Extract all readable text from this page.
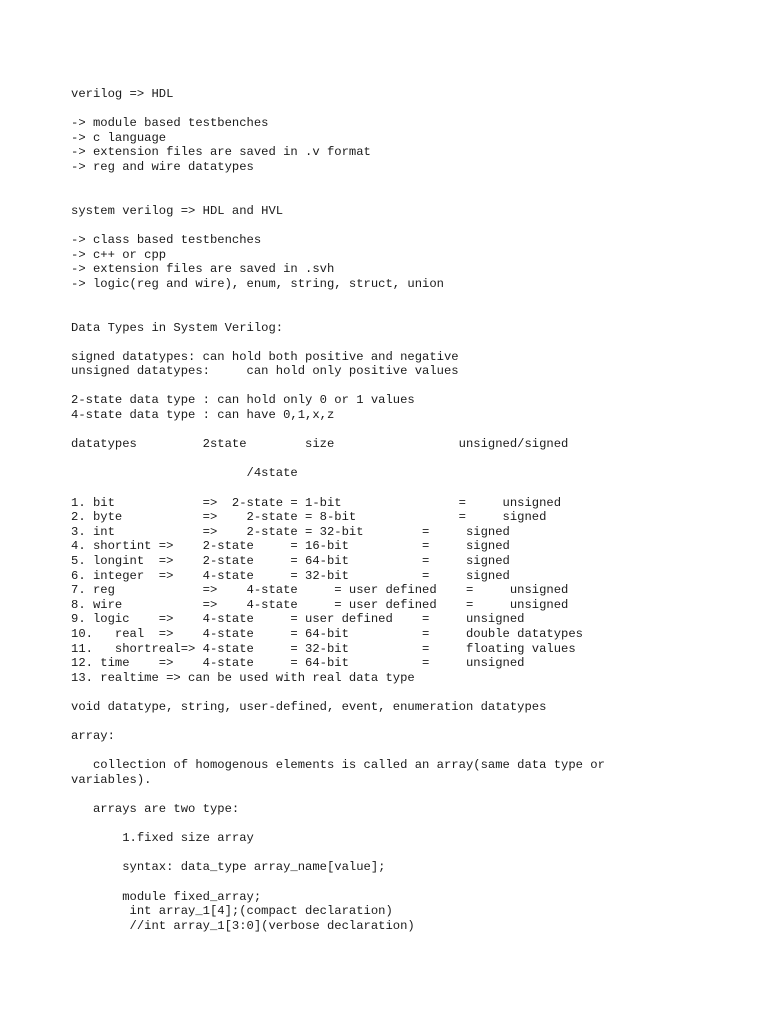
verilog => HDL
-> module based testbenches
-> c language
-> extension files are saved in .v format
-> reg and wire datatypes
system verilog => HDL and HVL
-> class based testbenches
-> c++ or cpp
-> extension files are saved in .svh
-> logic(reg and wire), enum, string, struct, union
Data Types in System Verilog:
signed datatypes: can hold both positive and negative
unsigned datatypes:     can hold only positive values
2-state data type : can hold only 0 or 1 values
4-state data type : can have 0,1,x,z
datatypes         2state        size                 unsigned/signed
/4state
1. bit            =>  2-state = 1-bit                =     unsigned
2. byte           =>    2-state = 8-bit              =     signed
3. int            =>    2-state = 32-bit        =     signed
4. shortint =>    2-state     = 16-bit          =     signed
5. longint  =>    2-state     = 64-bit          =     signed
6. integer  =>    4-state     = 32-bit          =     signed
7. reg            =>    4-state     = user defined    =     unsigned
8. wire           =>    4-state     = user defined    =     unsigned
9. logic    =>    4-state     = user defined    =     unsigned
10.   real  =>    4-state     = 64-bit          =     double datatypes
11.   shortreal=> 4-state     = 32-bit          =     floating values
12. time    =>    4-state     = 64-bit          =     unsigned
13. realtime => can be used with real data type
void datatype, string, user-defined, event, enumeration datatypes
array:
collection of homogenous elements is called an array(same data type or
variables).
arrays are two type:
1.fixed size array
syntax: data_type array_name[value];
module fixed_array;
int array_1[4];(compact declaration)
//int array_1[3:0](verbose declaration)
